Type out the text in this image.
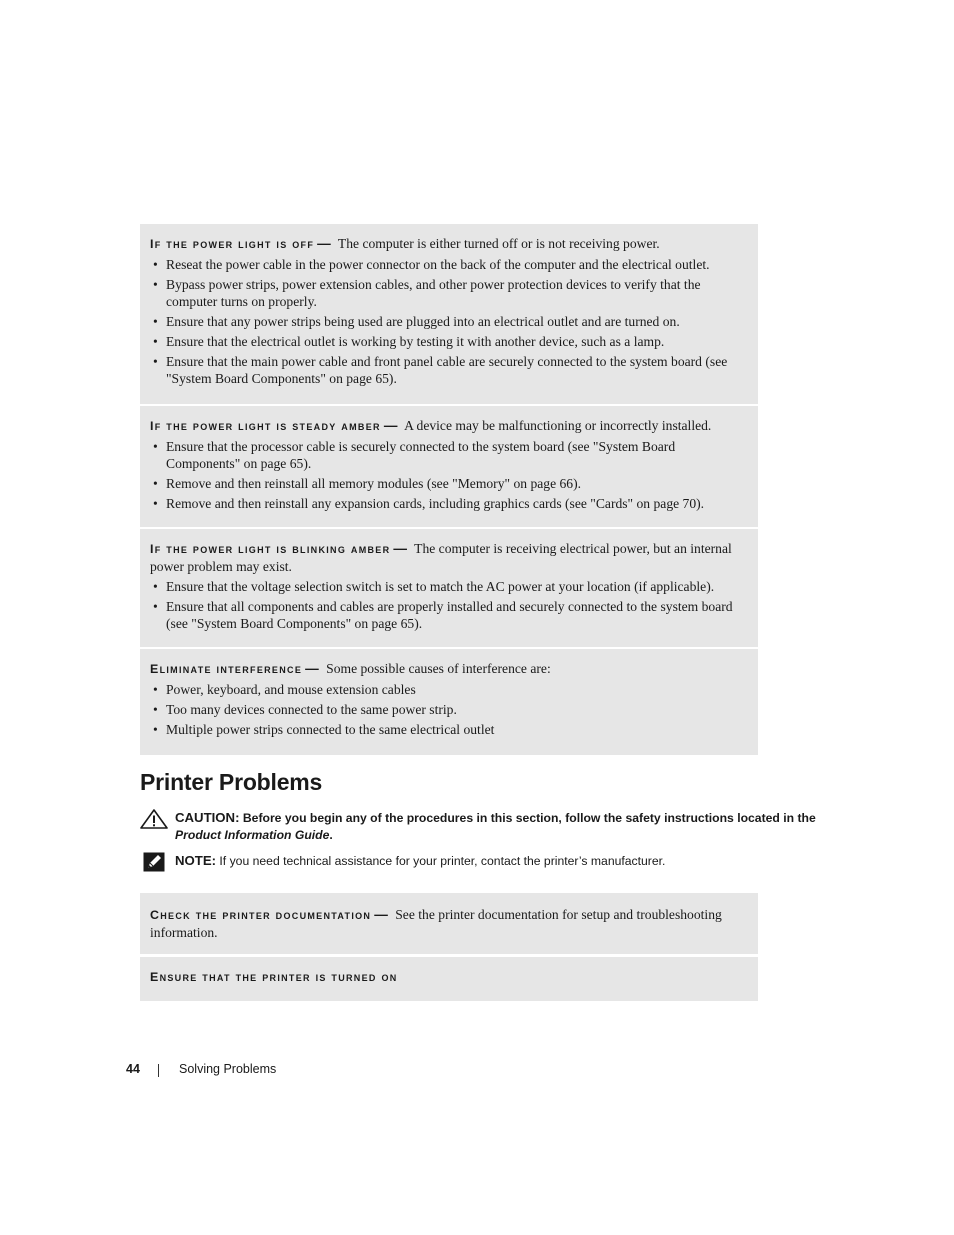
If the power light is off — The computer is either turned off or is not receiving power.

• Reseat the power cable in the power connector on the back of the computer and the electrical outlet.
• Bypass power strips, power extension cables, and other power protection devices to verify that the computer turns on properly.
• Ensure that any power strips being used are plugged into an electrical outlet and are turned on.
• Ensure that the electrical outlet is working by testing it with another device, such as a lamp.
• Ensure that the main power cable and front panel cable are securely connected to the system board (see "System Board Components" on page 65).

If the power light is steady amber — A device may be malfunctioning or incorrectly installed.

• Ensure that the processor cable is securely connected to the system board (see "System Board Components" on page 65).
• Remove and then reinstall all memory modules (see "Memory" on page 66).
• Remove and then reinstall any expansion cards, including graphics cards (see "Cards" on page 70).

If the power light is blinking amber — The computer is receiving electrical power, but an internal power problem may exist.

• Ensure that the voltage selection switch is set to match the AC power at your location (if applicable).
• Ensure that all components and cables are properly installed and securely connected to the system board (see "System Board Components" on page 65).

Eliminate interference — Some possible causes of interference are:

• Power, keyboard, and mouse extension cables
• Too many devices connected to the same power strip.
• Multiple power strips connected to the same electrical outlet
Printer Problems
CAUTION: Before you begin any of the procedures in this section, follow the safety instructions located in the Product Information Guide.
NOTE: If you need technical assistance for your printer, contact the printer’s manufacturer.

Check the printer documentation — See the printer documentation for setup and troubleshooting information.

Ensure that the printer is turned on

44	Solving Problems
